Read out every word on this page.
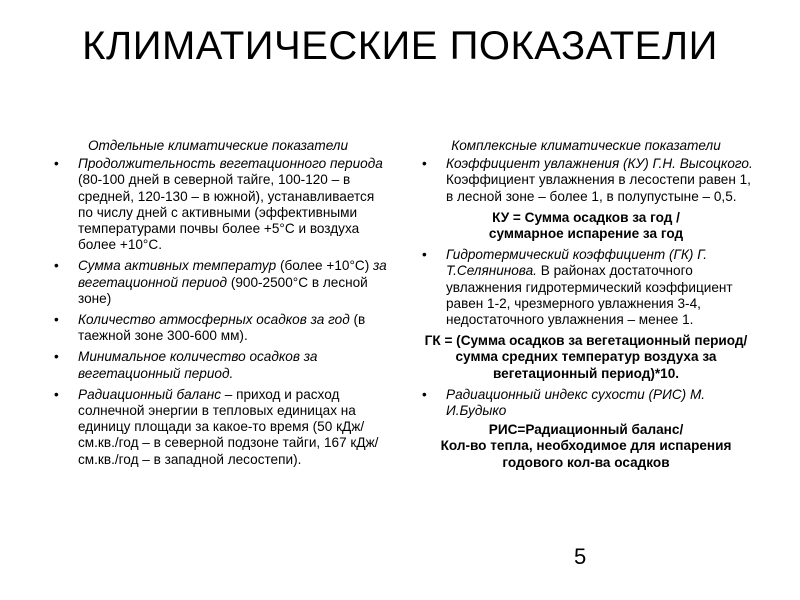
КЛИМАТИЧЕСКИЕ ПОКАЗАТЕЛИ

Отдельные климатические показатели

• Продолжительность вегетационного периода (80-100 дней в северной тайге, 100-120 – в средней, 120-130 – в южной), устанавливается по числу дней с активными (эффективными температурами почвы более +5°С и воздуха более +10°С.
• Сумма активных температур (более +10°С) за вегетационной период (900-2500°С в лесной зоне)
• Количество атмосферных осадков за год (в таежной зоне 300-600 мм).
• Минимальное количество осадков за вегетационный период.
• Радиационный баланс – приход и расход солнечной энергии в тепловых единицах на единицу площади за какое-то время (50 кДж/см.кв./год – в северной подзоне тайги, 167 кДж/см.кв./год – в западной лесостепи).

Комплексные климатические показатели

• Коэффициент увлажнения (КУ) Г.Н. Высоцкого. Коэффициент увлажнения в лесостепи равен 1, в лесной зоне – более 1, в полупустыне – 0,5.

КУ = Сумма осадков за год /

суммарное испарение за год

• Гидротермический коэффициент (ГК) Г. Т.Селянинова. В районах достаточного увлажнения гидротермический коэффициент равен 1-2, чрезмерного увлажнения 3-4, недостаточного увлажнения – менее 1.

ГК = (Сумма осадков за вегетационный период/сумма средних температур воздуха за вегетационный период)*10.

• Радиационный индекс сухости (РИС) М. И.Будыко

РИС=Радиационный баланс/

Кол-во тепла, необходимое для испарения годового кол-ва осадков

5
